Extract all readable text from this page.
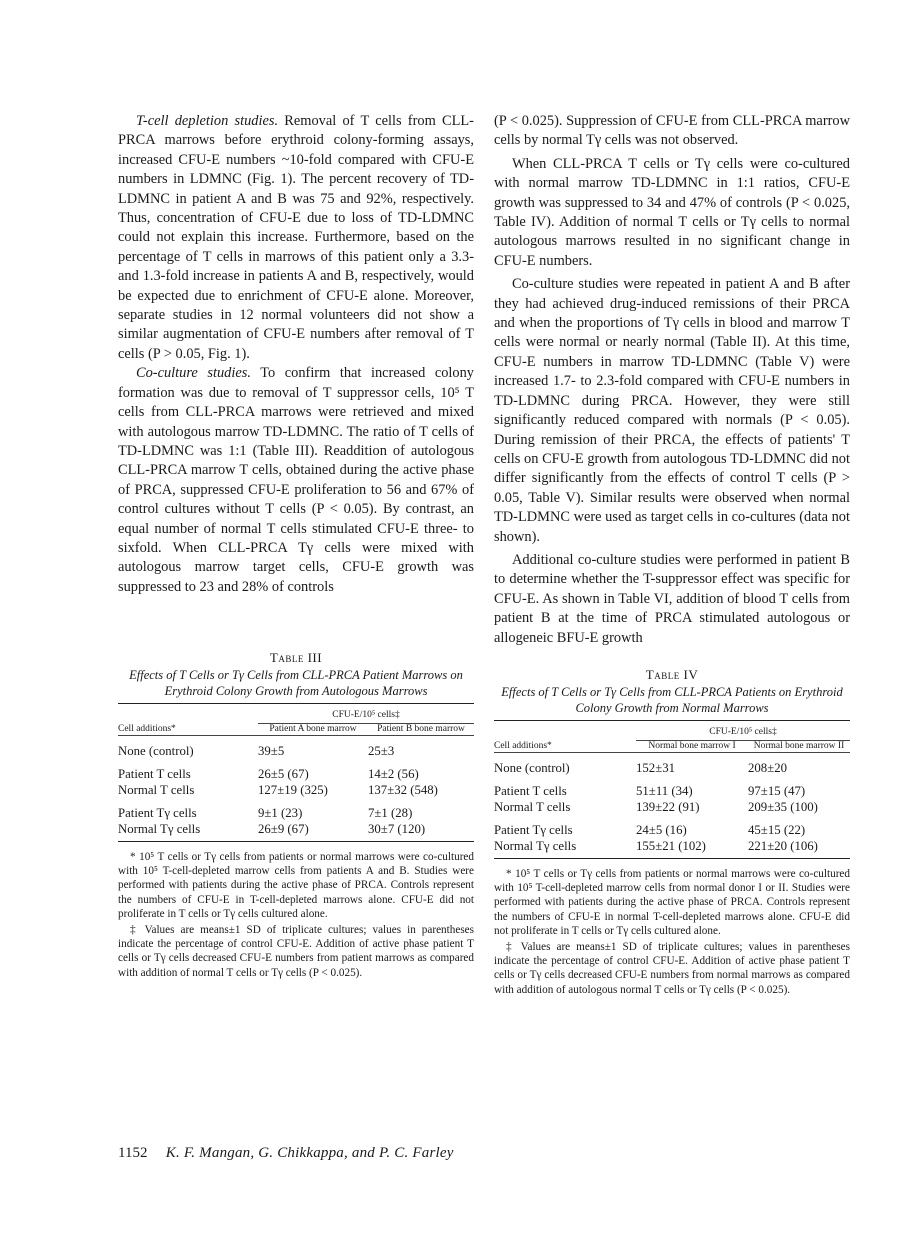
T-cell depletion studies. Removal of T cells from CLL-PRCA marrows before erythroid colony-forming assays, increased CFU-E numbers ~10-fold compared with CFU-E numbers in LDMNC (Fig. 1). The percent recovery of TD-LDMNC in patient A and B was 75 and 92%, respectively. Thus, concentration of CFU-E due to loss of TD-LDMNC could not explain this increase. Furthermore, based on the percentage of T cells in marrows of this patient only a 3.3- and 1.3-fold increase in patients A and B, respectively, would be expected due to enrichment of CFU-E alone. Moreover, separate studies in 12 normal volunteers did not show a similar augmentation of CFU-E numbers after removal of T cells (P > 0.05, Fig. 1).

Co-culture studies. To confirm that increased colony formation was due to removal of T suppressor cells, 10⁵ T cells from CLL-PRCA marrows were retrieved and mixed with autologous marrow TD-LDMNC. The ratio of T cells of TD-LDMNC was 1:1 (Table III). Readdition of autologous CLL-PRCA marrow T cells, obtained during the active phase of PRCA, suppressed CFU-E proliferation to 56 and 67% of control cultures without T cells (P < 0.05). By contrast, an equal number of normal T cells stimulated CFU-E three- to sixfold. When CLL-PRCA Tγ cells were mixed with autologous marrow target cells, CFU-E growth was suppressed to 23 and 28% of controls

(P < 0.025). Suppression of CFU-E from CLL-PRCA marrow cells by normal Tγ cells was not observed.

When CLL-PRCA T cells or Tγ cells were co-cultured with normal marrow TD-LDMNC in 1:1 ratios, CFU-E growth was suppressed to 34 and 47% of controls (P < 0.025, Table IV). Addition of normal T cells or Tγ cells to normal autologous marrows resulted in no significant change in CFU-E numbers.

Co-culture studies were repeated in patient A and B after they had achieved drug-induced remissions of their PRCA and when the proportions of Tγ cells in blood and marrow T cells were normal or nearly normal (Table II). At this time, CFU-E numbers in marrow TD-LDMNC (Table V) were increased 1.7- to 2.3-fold compared with CFU-E numbers in TD-LDMNC during PRCA. However, they were still significantly reduced compared with normals (P < 0.05). During remission of their PRCA, the effects of patients' T cells on CFU-E growth from autologous TD-LDMNC did not differ significantly from the effects of control T cells (P > 0.05, Table V). Similar results were observed when normal TD-LDMNC were used as target cells in co-cultures (data not shown).

Additional co-culture studies were performed in patient B to determine whether the T-suppressor effect was specific for CFU-E. As shown in Table VI, addition of blood T cells from patient B at the time of PRCA stimulated autologous or allogeneic BFU-E growth

Table III
Effects of T Cells or Tγ Cells from CLL-PRCA Patient Marrows on Erythroid Colony Growth from Autologous Marrows

	CFU-E/10⁵ cells‡	
Cell additions*	Patient A bone marrow	Patient B bone marrow

None (control)	39±5	25±3
Patient T cells	26±5 (67)	14±2 (56)
Normal T cells	127±19 (325)	137±32 (548)
Patient Tγ cells	9±1 (23)	7±1 (28)
Normal Tγ cells	26±9 (67)	30±7 (120)

* 10⁵ T cells or Tγ cells from patients or normal marrows were co-cultured with 10⁵ T-cell-depleted marrow cells from patients A and B. Studies were performed with patients during the active phase of PRCA. Controls represent the numbers of CFU-E in T-cell-depleted marrows alone. CFU-E did not proliferate in T cells or Tγ cells cultured alone.

‡ Values are means±1 SD of triplicate cultures; values in parentheses indicate the percentage of control CFU-E. Addition of active phase patient T cells or Tγ cells decreased CFU-E numbers from patient marrows as compared with addition of normal T cells or Tγ cells (P < 0.025).

Table IV
Effects of T Cells or Tγ Cells from CLL-PRCA Patients on Erythroid Colony Growth from Normal Marrows

	CFU-E/10⁵ cells‡	
Cell additions*	Normal bone marrow I	Normal bone marrow II

None (control)	152±31	208±20
Patient T cells	51±11 (34)	97±15 (47)
Normal T cells	139±22 (91)	209±35 (100)
Patient Tγ cells	24±5 (16)	45±15 (22)
Normal Tγ cells	155±21 (102)	221±20 (106)

* 10⁵ T cells or Tγ cells from patients or normal marrows were co-cultured with 10⁵ T-cell-depleted marrow cells from normal donor I or II. Studies were performed with patients during the active phase of PRCA. Controls represent the numbers of CFU-E in normal T-cell-depleted marrows alone. CFU-E did not proliferate in T cells or Tγ cells cultured alone.

‡ Values are means±1 SD of triplicate cultures; values in parentheses indicate the percentage of control CFU-E. Addition of active phase patient T cells or Tγ cells decreased CFU-E numbers from normal marrows as compared with addition of autologous normal T cells or Tγ cells (P < 0.025).

1152 K. F. Mangan, G. Chikkappa, and P. C. Farley
